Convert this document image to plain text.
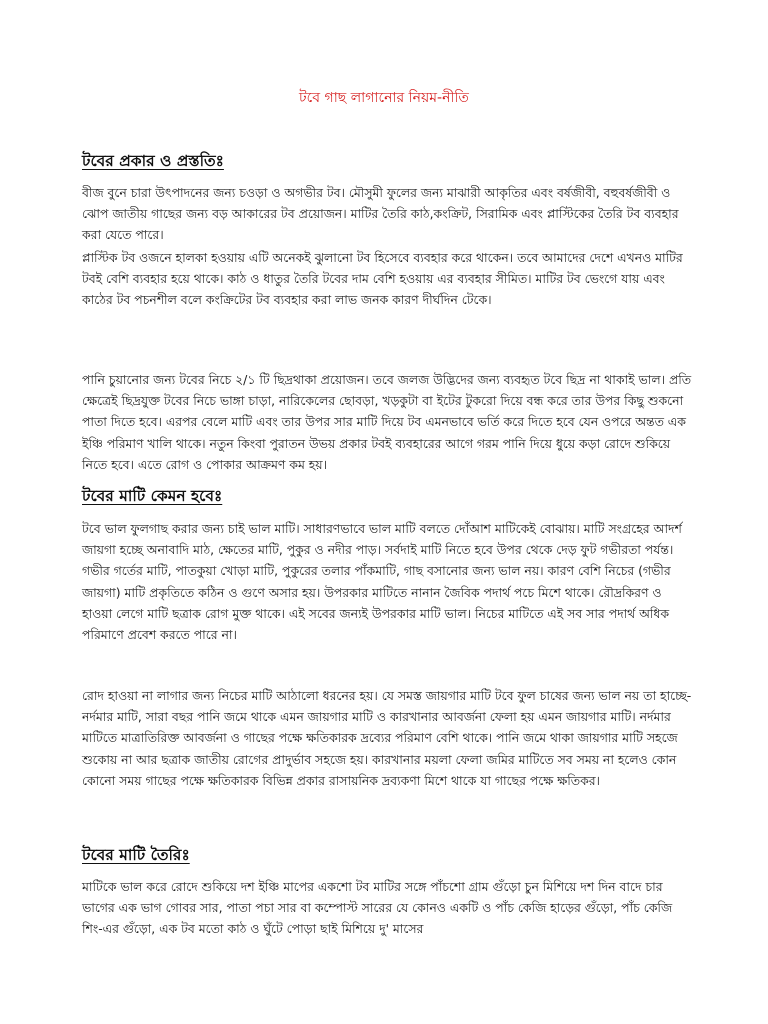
টবে গাছ লাগানোর নিয়ম-নীতি
টবের প্রকার ও প্রস্ততিঃ
বীজ বুনে চারা উৎপাদনের জন্য চওড়া ও অগভীর টব। মৌসুমী ফুলের জন্য মাঝারী আকৃতির এবং বর্ষজীবী, বহুবর্ষজীবী ও ঝোপ জাতীয় গাছের জন্য বড় আকারের টব প্রয়োজন। মাটির তৈরি কাঠ,কংক্রিট, সিরামিক এবং প্লাস্টিকের তৈরি টব ব্যবহার করা যেতে পারে।
প্লাস্টিক টব ওজনে হালকা হওয়ায় এটি অনেকই ঝুলানো টব হিসেবে ব্যবহার করে থাকেন। তবে আমাদের দেশে এখনও মাটির টবই বেশি ব্যবহার হয়ে থাকে। কাঠ ও ধাতুর তৈরি টবের দাম বেশি হওয়ায় এর ব্যবহার সীমিত। মাটির টব ভেংগে যায় এবং কাঠের টব পচনশীল বলে কংক্রিটের টব ব্যবহার করা লাভ জনক কারণ দীর্ঘদিন টেকে।
পানি চুয়ানোর জন্য টবের নিচে ২/১ টি ছিদ্রথাকা প্রয়োজন। তবে জলজ উদ্ভিদের জন্য ব্যবহৃত টবে ছিদ্র না থাকাই ভাল। প্রতি ক্ষেত্রেই ছিদ্রযুক্ত টবের নিচে ভাঙ্গা চাড়া, নারিকেলের ছোবড়া, খড়কুটা বা ইটের টুকরো দিয়ে বন্ধ করে তার উপর কিছু শুকনো পাতা দিতে হবে। এরপর বেলে মাটি এবং তার উপর সার মাটি দিয়ে টব এমনভাবে ভর্তি করে দিতে হবে যেন ওপরে অন্তত এক ইঞ্চি পরিমাণ খালি থাকে। নতুন কিংবা পুরাতন উভয় প্রকার টবই ব্যবহারের আগে গরম পানি দিয়ে ধুয়ে কড়া রোদে শুকিয়ে নিতে হবে। এতে রোগ ও পোকার আক্রমণ কম হয়।
টবের মাটি কেমন হবেঃ
টবে ভাল ফুলগাছ করার জন্য চাই ভাল মাটি। সাধারণভাবে ভাল মাটি বলতে দোঁআশ মাটিকেই বোঝায়। মাটি সংগ্রহের আদর্শ জায়গা হচ্ছে অনাবাদি মাঠ, ক্ষেতের মাটি, পুকুর ও নদীর পাড়। সর্বদাই মাটি নিতে হবে উপর থেকে দেড় ফুট গভীরতা পর্যন্ত। গভীর গর্তের মাটি, পাতকুয়া খোড়া মাটি, পুকুরের তলার পাঁকমাটি, গাছ বসানোর জন্য ভাল নয়। কারণ বেশি নিচের (গভীর জায়গা) মাটি প্রকৃতিতে কঠিন ও গুণে অসার হয়। উপরকার মাটিতে নানান জৈবিক পদার্থ পচে মিশে থাকে। রৌদ্রকিরণ ও হাওয়া লেগে মাটি ছত্রাক রোগ মুক্ত থাকে। এই সবের জন্যই উপরকার মাটি ভাল। নিচের মাটিতে এই সব সার পদার্থ অধিক পরিমাণে প্রবেশ করতে পারে না।
রোদ হাওয়া না লাগার জন্য নিচের মাটি আঠালো ধরনের হয়। যে সমস্ত জায়গার মাটি টবে ফুল চাষের জন্য ভাল নয় তা হাচ্ছে- নর্দমার মাটি, সারা বছর পানি জমে থাকে এমন জায়গার মাটি ও কারখানার আবর্জনা ফেলা হয় এমন জায়গার মাটি। নর্দমার মাটিতে মাত্রাতিরিক্ত আবর্জনা ও গাছের পক্ষে ক্ষতিকারক দ্রব্যের পরিমাণ বেশি থাকে। পানি জমে থাকা জায়গার মাটি সহজে শুকোয় না আর ছত্রাক জাতীয় রোগের প্রাদুর্ভাব সহজে হয়। কারখানার ময়লা ফেলা জমির মাটিতে সব সময় না হলেও কোন কোনো সময় গাছের পক্ষে ক্ষতিকারক বিভিন্ন প্রকার রাসায়নিক দ্রব্যকণা মিশে থাকে যা গাছের পক্ষে ক্ষতিকর।
টবের মাটি তৈরিঃ
মাটিকে ভাল করে রোদে শুকিয়ে দশ ইঞ্চি মাপের একশো টব মাটির সঙ্গে পাঁচশো গ্রাম গুঁড়ো চুন মিশিয়ে দশ দিন বাদে চার ভাগের এক ভাগ গোবর সার, পাতা পচা সার বা কম্পোস্ট সারের যে কোনও একটি ও পাঁচ কেজি হাড়ের গুঁড়ো, পাঁচ কেজি শিং-এর গুঁড়ো, এক টব মতো কাঠ ও ঘুঁটে পোড়া ছাই মিশিয়ে দু' মাসের
